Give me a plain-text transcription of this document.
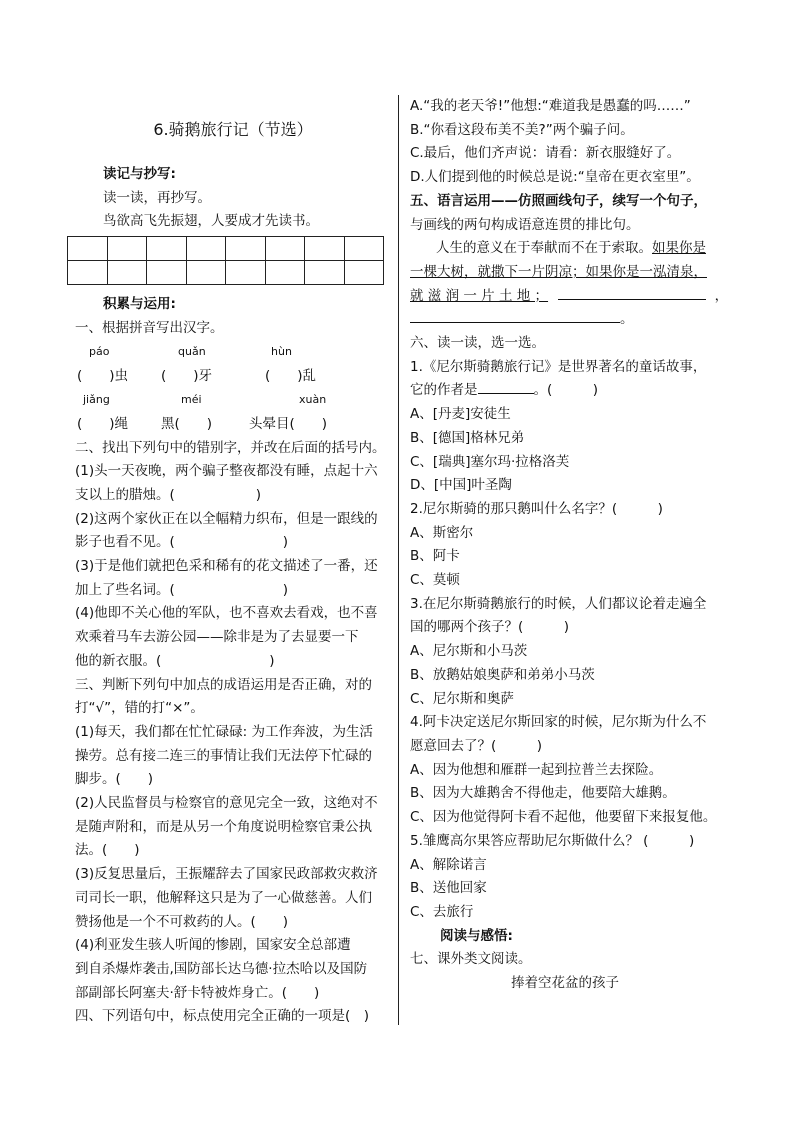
6.骑鹅旅行记（节选）
读记与抄写:
读一读，再抄写。
鸟欲高飞先振翅，人要成才先读书。

积累与运用:
一、根据拼音写出汉字。
páo	quǎn	hùn
(　　)虫 (　　)牙	(　　)乱
jiǎng	méi	xuàn
(　　)绳 黑(　　)	头晕目(　　)
二、找出下列句中的错别字，并改在后面的括号内。
(1)头一天夜晚，两个骗子整夜都没有睡，点起十六
支以上的腊烛。(　　　　　　)
(2)这两个家伙正在以全幅精力织布，但是一跟线的
影子也看不见。(　　　　　　　　)
(3)于是他们就把色采和稀有的花文描述了一番，还
加上了些名词。(　　　　　　　　)
(4)他即不关心他的军队，也不喜欢去看戏，也不喜
欢乘着马车去游公园——除非是为了去显要一下
他的新衣服。(　　　　　　　　)
三、判断下列句中加点的成语运用是否正确，对的
打“√”，错的打“×”。
(1)每天，我们都在忙忙碌碌: 为工作奔波，为生活
操劳。总有接二连三的事情让我们无法停下忙碌的
脚步。(　　)
(2)人民监督员与检察官的意见完全一致，这绝对不
是随声附和，而是从另一个角度说明检察官秉公执
法。(　　)
(3)反复思量后，王振耀辞去了国家民政部救灾救济
司司长一职，他解释这只是为了一心做慈善。人们
赞扬他是一个不可救药的人。(　　)
(4)利亚发生骇人听闻的惨剧，国家安全总部遭
到自杀爆炸袭击,国防部长达乌德·拉杰哈以及国防
部副部长阿塞夫·舒卡特被炸身亡。(　　)
四、下列语句中，标点使用完全正确的一项是(　)
A.“我的老天爷!”他想:“难道我是愚蠢的吗……”
B.“你看这段布美不美?”两个骗子问。
C.最后，他们齐声说：请看：新衣服缝好了。
D.人们提到他的时候总是说:“皇帝在更衣室里”。
五、语言运用——仿照画线句子，续写一个句子，
与画线的两句构成语意连贯的排比句。
人生的意义在于奉献而不在于索取。如果你是
一棵大树，就撒下一片阴凉；如果你是一泓清泉，
就 滋 润 一 片 土 地 ；	，
。
六、读一读，选一选。
1.《尼尔斯骑鹅旅行记》是世界著名的童话故事，
它的作者是	。(　　　)
A、[丹麦]安徒生
B、[德国]格林兄弟
C、[瑞典]塞尔玛·拉格洛芙
D、[中国]叶圣陶
2.尼尔斯骑的那只鹅叫什么名字？(　　　)
A、斯密尔
B、阿卡
C、莫顿
3.在尼尔斯骑鹅旅行的时候，人们都议论着走遍全
国的哪两个孩子？(　　　)
A、尼尔斯和小马茨
B、放鹅姑娘奥萨和弟弟小马茨
C、尼尔斯和奥萨
4.阿卡决定送尼尔斯回家的时候，尼尔斯为什么不
愿意回去了？(　　　)
A、因为他想和雁群一起到拉普兰去探险。
B、因为大雄鹅舍不得他走，他要陪大雄鹅。
C、因为他觉得阿卡看不起他，他要留下来报复他。
5.雏鹰高尔果答应帮助尼尔斯做什么？ (　　　)
A、解除诺言
B、送他回家
C、去旅行
阅读与感悟:
七、课外类文阅读。
捧着空花盆的孩子
